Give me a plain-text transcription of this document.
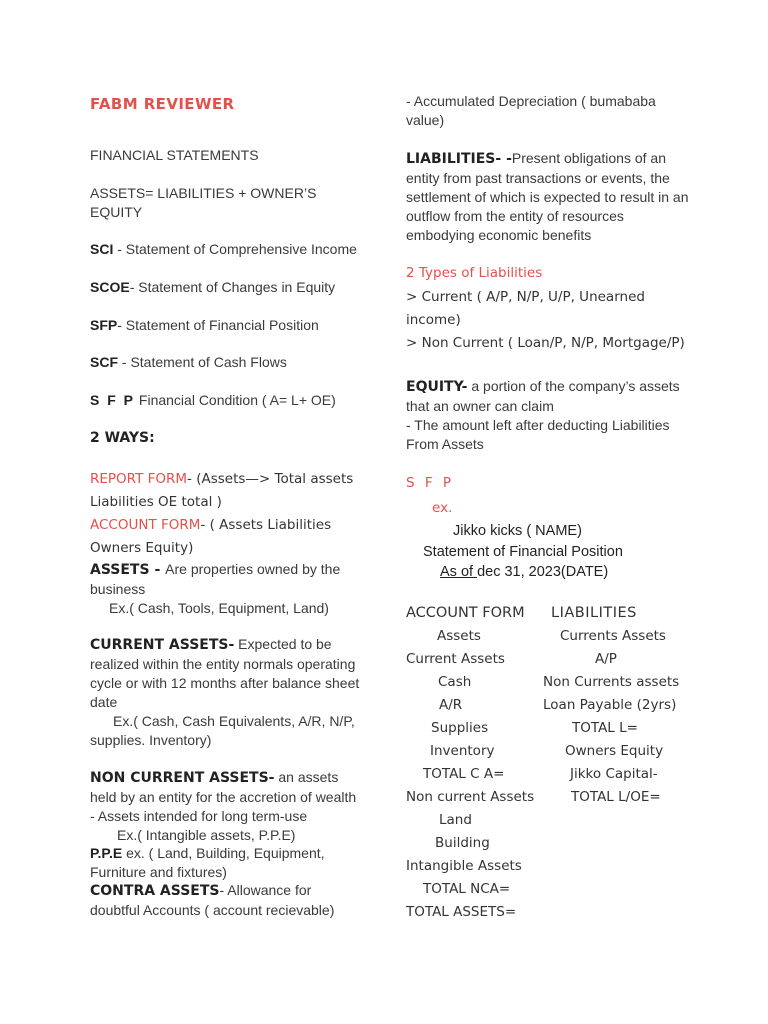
FABM REVIEWER
FINANCIAL STATEMENTS
ASSETS= LIABILITIES + OWNER’S EQUITY
SCI - Statement of Comprehensive Income
SCOE- Statement of Changes in Equity
SFP- Statement of Financial Position
SCF - Statement of Cash Flows
S F P Financial Condition ( A= L+ OE)
2 WAYS:
REPORT FORM- (Assets—> Total assets Liabilities OE total )
ACCOUNT FORM- ( Assets Liabilities Owners Equity)
ASSETS - Are properties owned by the business
Ex.( Cash, Tools, Equipment, Land)
CURRENT ASSETS- Expected to be realized within the entity normals operating cycle or with 12 months after balance sheet date
Ex.( Cash, Cash Equivalents, A/R, N/P, supplies. Inventory)
NON CURRENT ASSETS- an assets held by an entity for the accretion of wealth
- Assets intended for long term-use
Ex.( Intangible assets, P.P.E)
P.P.E ex. ( Land, Building, Equipment, Furniture and fixtures)
CONTRA ASSETS- Allowance for doubtful Accounts ( account recievable)
- Accumulated Depreciation ( bumababa value)
LIABILITIES- -Present obligations of an entity from past transactions or events, the settlement of which is expected to result in an outflow from the entity of resources embodying economic benefits
2 Types of Liabilities
> Current ( A/P, N/P, U/P, Unearned income)
> Non Current ( Loan/P, N/P, Mortgage/P)
EQUITY- a portion of the company’s assets that an owner can claim
- The amount left after deducting Liabilities From Assets
S F P
ex.
Jikko kicks ( NAME)
Statement of Financial Position
As of dec 31, 2023(DATE)
ACCOUNT FORM	LIABILITIES
Assets	Currents Assets
Current Assets	A/P
Cash	Non Currents assets
A/R	Loan Payable (2yrs)
Supplies	TOTAL L=
Inventory	Owners Equity
TOTAL C A=	Jikko Capital-
Non current Assets	TOTAL L/OE=
Land
Building
Intangible Assets
TOTAL NCA=
TOTAL ASSETS=
